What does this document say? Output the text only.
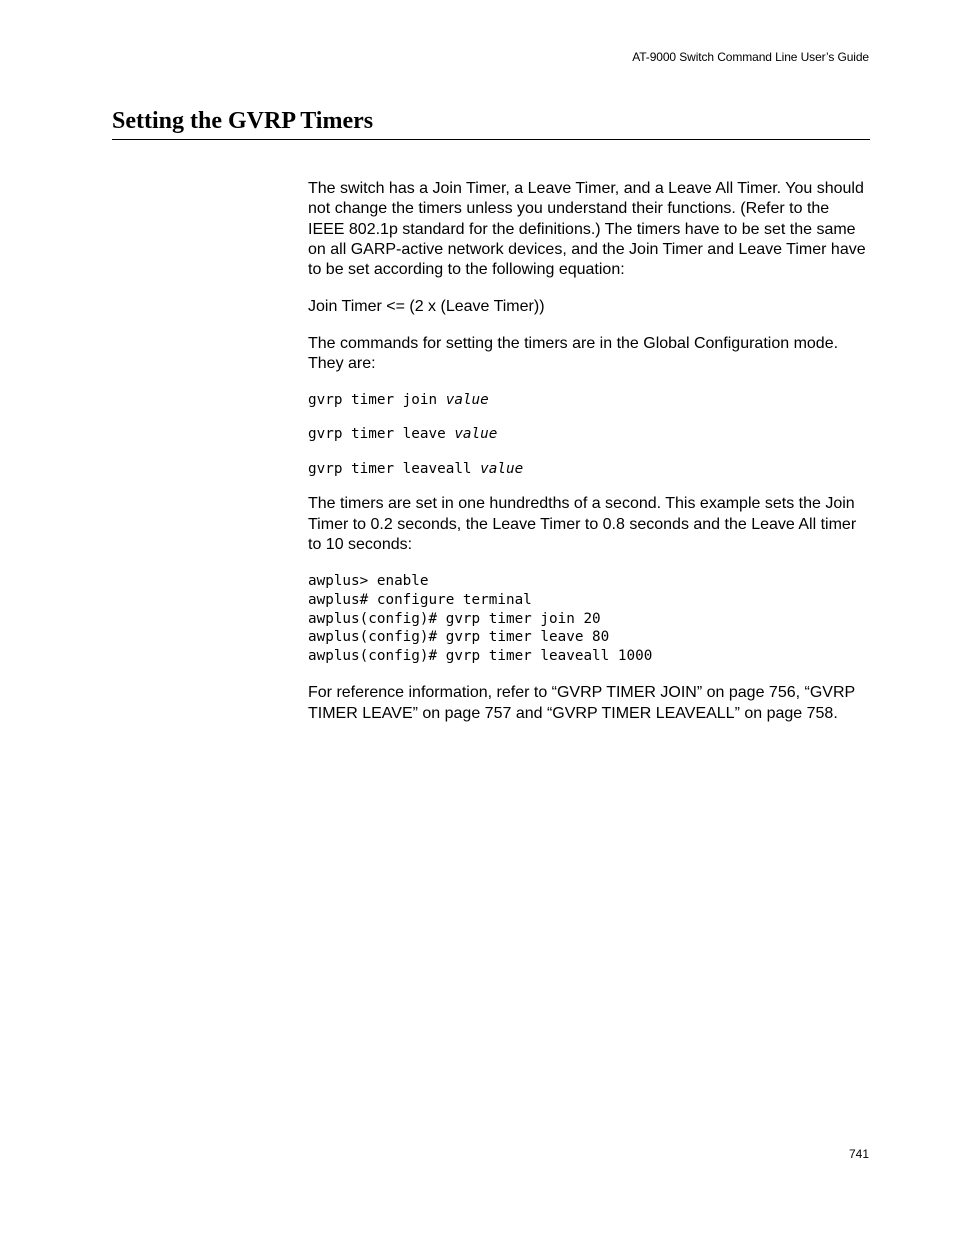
AT-9000 Switch Command Line User’s Guide
Setting the GVRP Timers

The switch has a Join Timer, a Leave Timer, and a Leave All Timer. You should not change the timers unless you understand their functions. (Refer to the IEEE 802.1p standard for the definitions.) The timers have to be set the same on all GARP-active network devices, and the Join Timer and Leave Timer have to be set according to the following equation:

Join Timer <= (2 x (Leave Timer))

The commands for setting the timers are in the Global Configuration mode. They are:

gvrp timer join value
gvrp timer leave value
gvrp timer leaveall value

The timers are set in one hundredths of a second. This example sets the Join Timer to 0.2 seconds, the Leave Timer to 0.8 seconds and the Leave All timer to 10 seconds:

awplus> enable
awplus# configure terminal
awplus(config)# gvrp timer join 20
awplus(config)# gvrp timer leave 80
awplus(config)# gvrp timer leaveall 1000

For reference information, refer to “GVRP TIMER JOIN” on page 756, “GVRP TIMER LEAVE” on page 757 and “GVRP TIMER LEAVEALL” on page 758.

741
